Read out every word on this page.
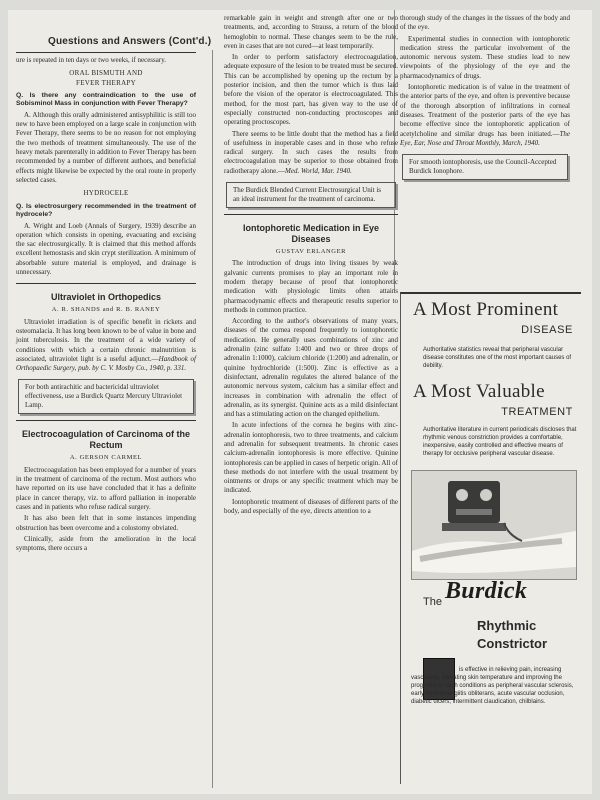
Questions and Answers (Cont'd.)

ure is repeated in ten days or two weeks, if necessary.

ORAL BISMUTH AND
FEVER THERAPY

Q. Is there any contraindication to the use of Sobisminol Mass in conjunction with Fever Therapy?

A. Although this orally administered antisyphilitic is still too new to have been employed on a large scale in conjunction with Fever Therapy, there seems to be no reason for not employing the two methods of treatment simultaneously. The use of the heavy metals parenterally in addition to Fever Therapy has been recommended by a number of different authors, and beneficial effects might likewise be expected by the oral route in properly selected cases.

HYDROCELE

Q. Is electrosurgery recommended in the treatment of hydrocele?

A. Wright and Loeb (Annals of Surgery, 1939) describe an operation which consists in opening, evacuating and excising the sac electrosurgically. It is claimed that this method affords excellent hemostasis and skin crypt sterilization. A minimum of absorbable suture material is employed, and drainage is unnecessary.

Ultraviolet in Orthopedics
A. R. SHANDS and R. B. RANEY

Ultraviolet irradiation is of specific benefit in rickets and osteomalacia. It has long been known to be of value in bone and joint tuberculosis. In the treatment of a wide variety of conditions with which a certain chronic malnutrition is associated, ultraviolet light is a useful adjunct.—Handbook of Orthopaedic Surgery, pub. by C. V. Mosby Co., 1940, p. 331.

For both antirachitic and bactericidal ultraviolet effectiveness, use a Burdick Quartz Mercury Ultraviolet Lamp.
Electrocoagulation of Carcinoma of the Rectum
A. GERSON CARMEL

Electrocoagulation has been employed for a number of years in the treatment of carcinoma of the rectum. Most authors who have reported on its use have concluded that it has a definite place in cancer therapy, viz. to afford palliation in inoperable cases and in patients who refuse radical surgery.

It has also been felt that in some instances impending obstruction has been overcome and a colostomy obviated.

Clinically, aside from the amelioration in the local symptoms, there occurs a

remarkable gain in weight and strength after one or two treatments, and, according to Strauss, a return of the blood hemoglobin to normal. These changes seem to be the rule, even in cases that are not cured—at least temporarily.

In order to perform satisfactory electrocoagulation, adequate exposure of the lesion to be treated must be secured. This can be accomplished by opening up the rectum by a posterior incision, and then the tumor which is thus laid before the vision of the operator is electrocoagulated. This method, for the most part, has given way to the use of especially constructed non-conducting proctoscopes and operating proctoscopes.

There seems to be little doubt that the method has a field of usefulness in inoperable cases and in those who refuse radical surgery. In such cases the results from electrocoagulation may be superior to those obtained from radiotherapy alone.—Med. World, Mar. 1940.

The Burdick Blended Current Electrosurgical Unit is an ideal instrument for the treatment of carcinoma.
Iontophoretic Medication in Eye Diseases
GUSTAV ERLANGER

The introduction of drugs into living tissues by weak galvanic currents promises to play an important role in modern therapy because of proof that iontophoretic medication with physiologic limits often attains pharmacodynamic effects and therapeutic results superior to methods in common practice.

According to the author's observations of many years, diseases of the cornea respond frequently to iontophoretic medication. He generally uses combinations of zinc and adrenalin (zinc sulfate 1:400 and two or three drops of adrenalin 1:1000), calcium chloride (1:200) and adrenalin, or quinine hydrochloride (1:500). Zinc is effective as a disinfectant, adrenalin regulates the altered balance of the autonomic nervous system, calcium has a similar effect and increases in combination with adrenalin the effect of adrenalin, as its synergist. Quinine acts as a mild disinfectant and has a stimulating action on the changed epithelium.

In acute infections of the cornea he begins with zinc-adrenalin iontophoresis, two to three treatments, and calcium and adrenalin for subsequent treatments. In chronic cases calcium-adrenalin iontophoresis is more effective. Quinine iontophoresis can be applied in cases of herpetic origin. All of these methods do not interfere with the usual treatment by ointments or drops or any specific treatment which may be indicated.

Iontophoretic treatment of diseases of different parts of the body, and especially of the eye, directs attention to a

thorough study of the changes in the tissues of the body and of the eye.

Experimental studies in connection with iontophoretic medication stress the particular involvement of the autonomic nervous system. These studies lead to new viewpoints of the physiology of the eye and the pharmacodynamics of drugs.

Iontophoretic medication is of value in the treatment of the anterior parts of the eye, and often is preventive because of the thorough absorption of infiltrations in corneal diseases. Treatment of the posterior parts of the eye has become effective since the iontophoretic application of acetylcholine and similar drugs has been initiated.—The Eye, Ear, Nose and Throat Monthly, March, 1940.

For smooth iontophoresis, use the Council-Accepted Burdick Ionophore.
A Most Prominent
DISEASE
Authoritative statistics reveal that peripheral vascular disease constitutes one of the most important causes of debility.
A Most Valuable
TREATMENT
Authoritative literature in current periodicals discloses that rhythmic venous constriction provides a comfortable, inexpensive, easily controlled and effective means of therapy for occlusive peripheral vascular disease.
The Burdick
Rhythmic
Constrictor
is effective in relieving pain, increasing vascularity, elevating skin temperature and improving the prognosis in such conditions as peripheral vascular sclerosis, early thromboangiitis obliterans, acute vascular occlusion, diabetic ulcers, intermittent claudication, chilblains.
